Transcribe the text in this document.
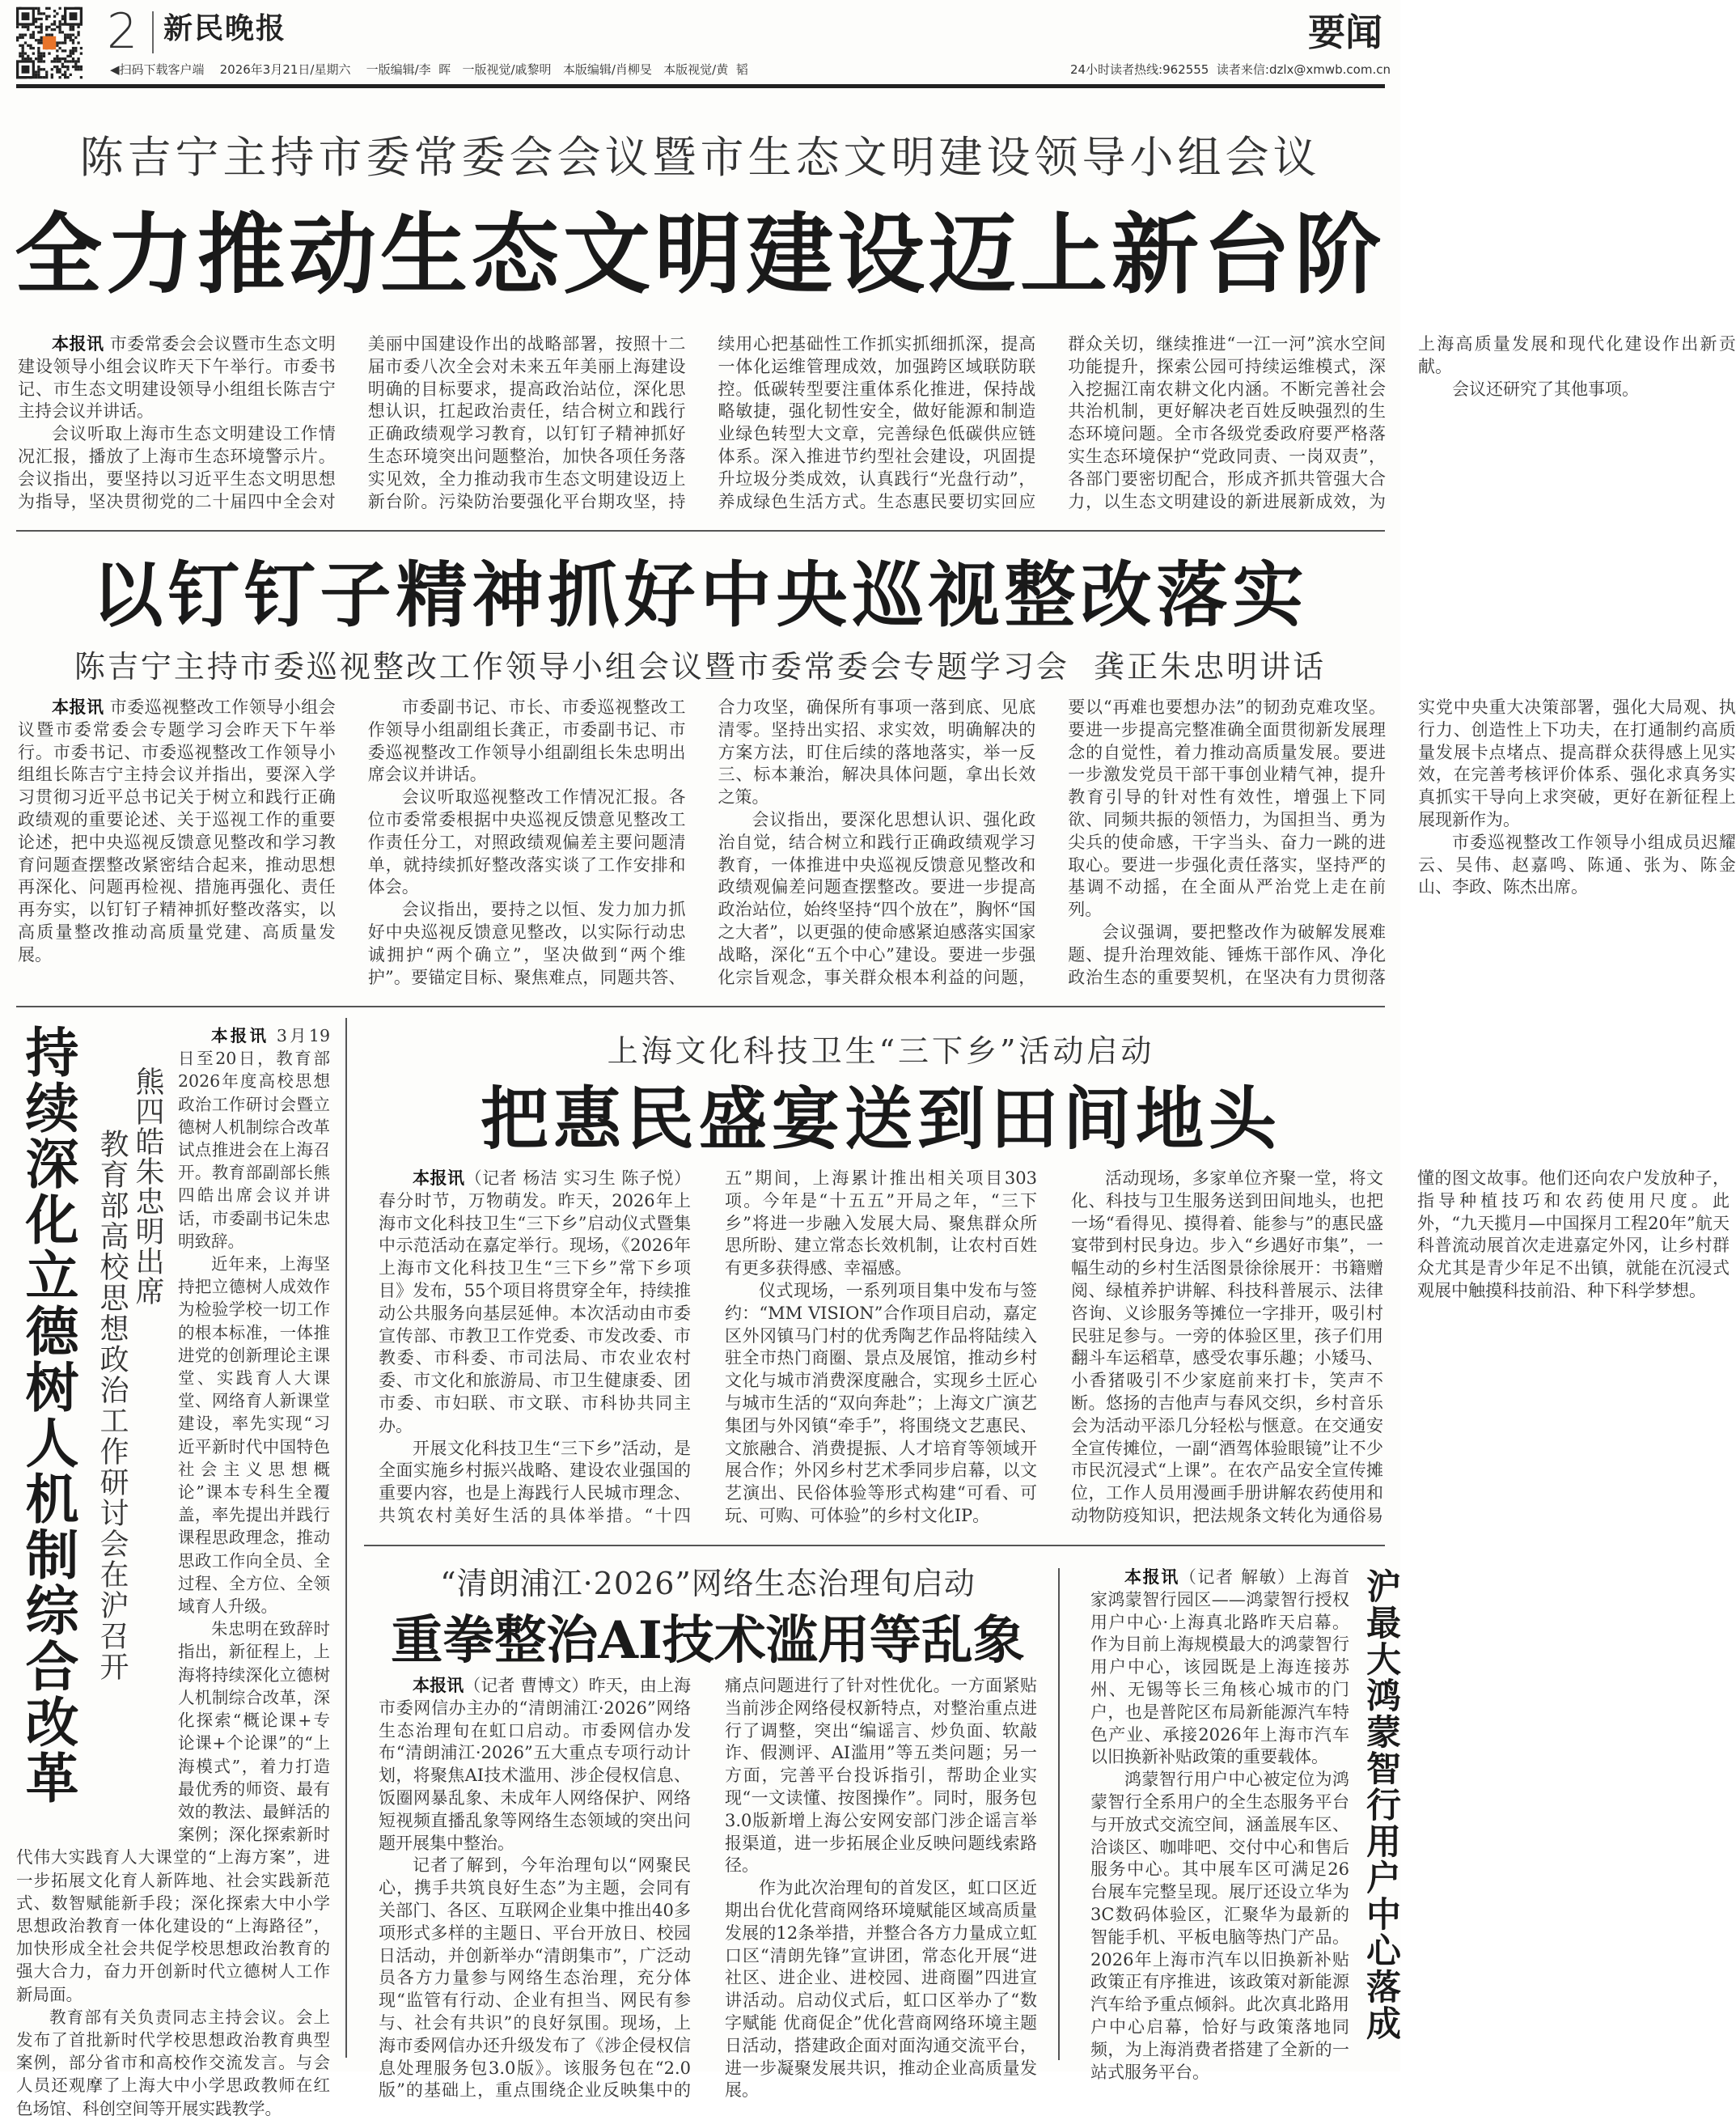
2 新民晚报	要闻
◀扫码下载客户端 2026年3月21日/星期六 一版编辑/李  晖   一版视觉/戚黎明   本版编辑/肖柳旻   本版视觉/黄  韬	24小时读者热线:962555 读者来信:dzlx@xmwb.com.cn
陈吉宁主持市委常委会会议暨市生态文明建设领导小组会议
全力推动生态文明建设迈上新台阶

本报讯 市委常委会会议暨市生态文明建设领导小组会议昨天下午举行。市委书记、市生态文明建设领导小组组长陈吉宁主持会议并讲话。

会议听取上海市生态文明建设工作情况汇报，播放了上海市生态环境警示片。会议指出，要坚持以习近平生态文明思想为指导，坚决贯彻党的二十届四中全会对美丽中国建设作出的战略部署，按照十二届市委八次全会对未来五年美丽上海建设明确的目标要求，提高政治站位，深化思想认识，扛起政治责任，结合树立和践行正确政绩观学习教育，以钉钉子精神抓好生态环境突出问题整治，加快各项任务落实见效，全力推动我市生态文明建设迈上新台阶。污染防治要强化平台期攻坚，持续用心把基础性工作抓实抓细抓深，提高一体化运维管理成效，加强跨区域联防联控。低碳转型要注重体系化推进，保持战略敏捷，强化韧性安全，做好能源和制造业绿色转型大文章，完善绿色低碳供应链体系。深入推进节约型社会建设，巩固提升垃圾分类成效，认真践行“光盘行动”，养成绿色生活方式。生态惠民要切实回应群众关切，继续推进“一江一河”滨水空间功能提升，探索公园可持续运维模式，深入挖掘江南农耕文化内涵。不断完善社会共治机制，更好解决老百姓反映强烈的生态环境问题。全市各级党委政府要严格落实生态环境保护“党政同责、一岗双责”，各部门要密切配合，形成齐抓共管强大合力，以生态文明建设的新进展新成效，为上海高质量发展和现代化建设作出新贡献。

会议还研究了其他事项。

以钉钉子精神抓好中央巡视整改落实
陈吉宁主持市委巡视整改工作领导小组会议暨市委常委会专题学习会  龚正朱忠明讲话

本报讯 市委巡视整改工作领导小组会议暨市委常委会专题学习会昨天下午举行。市委书记、市委巡视整改工作领导小组组长陈吉宁主持会议并指出，要深入学习贯彻习近平总书记关于树立和践行正确政绩观的重要论述、关于巡视工作的重要论述，把中央巡视反馈意见整改和学习教育问题查摆整改紧密结合起来，推动思想再深化、问题再检视、措施再强化、责任再夯实，以钉钉子精神抓好整改落实，以高质量整改推动高质量党建、高质量发展。

市委副书记、市长、市委巡视整改工作领导小组副组长龚正，市委副书记、市委巡视整改工作领导小组副组长朱忠明出席会议并讲话。

会议听取巡视整改工作情况汇报。各位市委常委根据中央巡视反馈意见整改工作责任分工，对照政绩观偏差主要问题清单，就持续抓好整改落实谈了工作安排和体会。

会议指出，要持之以恒、发力加力抓好中央巡视反馈意见整改，以实际行动忠诚拥护“两个确立”，坚决做到“两个维护”。要锚定目标、聚焦难点，同题共答、合力攻坚，确保所有事项一落到底、见底清零。坚持出实招、求实效，明确解决的方案方法，盯住后续的落地落实，举一反三、标本兼治，解决具体问题，拿出长效之策。

会议指出，要深化思想认识、强化政治自觉，结合树立和践行正确政绩观学习教育，一体推进中央巡视反馈意见整改和政绩观偏差问题查摆整改。要进一步提高政治站位，始终坚持“四个放在”，胸怀“国之大者”，以更强的使命感紧迫感落实国家战略，深化“五个中心”建设。要进一步强化宗旨观念，事关群众根本利益的问题，要以“再难也要想办法”的韧劲克难攻坚。要进一步提高完整准确全面贯彻新发展理念的自觉性，着力推动高质量发展。要进一步激发党员干部干事创业精气神，提升教育引导的针对性有效性，增强上下同欲、同频共振的领悟力，为国担当、勇为尖兵的使命感，干字当头、奋力一跳的进取心。要进一步强化责任落实，坚持严的基调不动摇，在全面从严治党上走在前列。

会议强调，要把整改作为破解发展难题、提升治理效能、锤炼干部作风、净化政治生态的重要契机，在坚决有力贯彻落实党中央重大决策部署，强化大局观、执行力、创造性上下功夫，在打通制约高质量发展卡点堵点、提高群众获得感上见实效，在完善考核评价体系、强化求真务实真抓实干导向上求突破，更好在新征程上展现新作为。

市委巡视整改工作领导小组成员迟耀云、吴伟、赵嘉鸣、陈通、张为、陈金山、李政、陈杰出席。

持续深化立德树人机制综合改革 教育部高校思想政治工作研讨会在沪召开 熊四皓朱忠明出席

本报讯 3月19日至20日，教育部2026年度高校思想政治工作研讨会暨立德树人机制综合改革试点推进会在上海召开。教育部副部长熊四皓出席会议并讲话，市委副书记朱忠明致辞。

近年来，上海坚持把立德树人成效作为检验学校一切工作的根本标准，一体推进党的创新理论主课堂、实践育人大课堂、网络育人新课堂建设，率先实现“习近平新时代中国特色社会主义思想概论”课本专科生全覆盖，率先提出并践行课程思政理念，推动思政工作向全员、全过程、全方位、全领域育人升级。

朱忠明在致辞时指出，新征程上，上海将持续深化立德树人机制综合改革，深化探索“概论课+专论课+个论课”的“上海模式”，着力打造最优秀的师资、最有效的教法、最鲜活的案例；深化探索新时代伟大实践育人大课堂的“上海方案”，进一步拓展文化育人新阵地、社会实践新范式、数智赋能新手段；深化探索大中小学思想政治教育一体化建设的“上海路径”，加快形成全社会共促学校思想政治教育的强大合力，奋力开创新时代立德树人工作新局面。

教育部有关负责同志主持会议。会上发布了首批新时代学校思想政治教育典型案例，部分省市和高校作交流发言。与会人员还观摩了上海大中小学思政教师在红色场馆、科创空间等开展实践教学。

上海文化科技卫生“三下乡”活动启动
把惠民盛宴送到田间地头

本报讯（记者 杨洁 实习生 陈子悦）春分时节，万物萌发。昨天，2026年上海市文化科技卫生“三下乡”启动仪式暨集中示范活动在嘉定举行。现场，《2026年上海市文化科技卫生“三下乡”常下乡项目》发布，55个项目将贯穿全年，持续推动公共服务向基层延伸。本次活动由市委宣传部、市教卫工作党委、市发改委、市教委、市科委、市司法局、市农业农村委、市文化和旅游局、市卫生健康委、团市委、市妇联、市文联、市科协共同主办。

开展文化科技卫生“三下乡”活动，是全面实施乡村振兴战略、建设农业强国的重要内容，也是上海践行人民城市理念、共筑农村美好生活的具体举措。“十四五”期间，上海累计推出相关项目303项。今年是“十五五”开局之年，“三下乡”将进一步融入发展大局、聚焦群众所思所盼、建立常态长效机制，让农村百姓有更多获得感、幸福感。

仪式现场，一系列项目集中发布与签约：“MM VISION”合作项目启动，嘉定区外冈镇马门村的优秀陶艺作品将陆续入驻全市热门商圈、景点及展馆，推动乡村文化与城市消费深度融合，实现乡土匠心与城市生活的“双向奔赴”；上海文广演艺集团与外冈镇“牵手”，将围绕文艺惠民、文旅融合、消费提振、人才培育等领域开展合作；外冈乡村艺术季同步启幕，以文艺演出、民俗体验等形式构建“可看、可玩、可购、可体验”的乡村文化IP。

活动现场，多家单位齐聚一堂，将文化、科技与卫生服务送到田间地头，也把一场“看得见、摸得着、能参与”的惠民盛宴带到村民身边。步入“乡遇好市集”，一幅生动的乡村生活图景徐徐展开：书籍赠阅、绿植养护讲解、科技科普展示、法律咨询、义诊服务等摊位一字排开，吸引村民驻足参与。一旁的体验区里，孩子们用翻斗车运稻草，感受农事乐趣；小矮马、小香猪吸引不少家庭前来打卡，笑声不断。悠扬的吉他声与春风交织，乡村音乐会为活动平添几分轻松与惬意。在交通安全宣传摊位，一副“酒驾体验眼镜”让不少市民沉浸式“上课”。在农产品安全宣传摊位，工作人员用漫画手册讲解农药使用和动物防疫知识，把法规条文转化为通俗易懂的图文故事。他们还向农户发放种子，指导种植技巧和农药使用尺度。此外，“九天揽月—中国探月工程20年”航天科普流动展首次走进嘉定外冈，让乡村群众尤其是青少年足不出镇，就能在沉浸式观展中触摸科技前沿、种下科学梦想。

“清朗浦江·2026”网络生态治理旬启动
重拳整治AI技术滥用等乱象

本报讯（记者 曹博文）昨天，由上海市委网信办主办的“清朗浦江·2026”网络生态治理旬在虹口启动。市委网信办发布“清朗浦江·2026”五大重点专项行动计划，将聚焦AI技术滥用、涉企侵权信息、饭圈网暴乱象、未成年人网络保护、网络短视频直播乱象等网络生态领域的突出问题开展集中整治。

记者了解到，今年治理旬以“网聚民心，携手共筑良好生态”为主题，会同有关部门、各区、互联网企业集中推出40多项形式多样的主题日、平台开放日、校园日活动，并创新举办“清朗集市”，广泛动员各方力量参与网络生态治理，充分体现“监管有行动、企业有担当、网民有参与、社会有共识”的良好氛围。现场，上海市委网信办还升级发布了《涉企侵权信息处理服务包3.0版》。该服务包在“2.0版”的基础上，重点围绕企业反映集中的痛点问题进行了针对性优化。一方面紧贴当前涉企网络侵权新特点，对整治重点进行了调整，突出“编谣言、炒负面、软敲诈、假测评、AI滥用”等五类问题；另一方面，完善平台投诉指引，帮助企业实现“一文读懂、按图操作”。同时，服务包3.0版新增上海公安网安部门涉企谣言举报渠道，进一步拓展企业反映问题线索路径。

作为此次治理旬的首发区，虹口区近期出台优化营商网络环境赋能区域高质量发展的12条举措，并整合各方力量成立虹口区“清朗先锋”宣讲团，常态化开展“进社区、进企业、进校园、进商圈”四进宣讲活动。启动仪式后，虹口区举办了“数字赋能 优商促企”优化营商网络环境主题日活动，搭建政企面对面沟通交流平台，进一步凝聚发展共识，推动企业高质量发展。

本报讯（记者 解敏）上海首家鸿蒙智行园区——鸿蒙智行授权用户中心·上海真北路昨天启幕。作为目前上海规模最大的鸿蒙智行用户中心，该园既是上海连接苏州、无锡等长三角核心城市的门户，也是普陀区布局新能源汽车特色产业、承接2026年上海市汽车以旧换新补贴政策的重要载体。

鸿蒙智行用户中心被定位为鸿蒙智行全系用户的全生态服务平台与开放式交流空间，涵盖展车区、洽谈区、咖啡吧、交付中心和售后服务中心。其中展车区可满足26台展车完整呈现。展厅还设立华为3C数码体验区，汇聚华为最新的智能手机、平板电脑等热门产品。2026年上海市汽车以旧换新补贴政策正有序推进，该政策对新能源汽车给予重点倾斜。此次真北路用户中心启幕，恰好与政策落地同频，为上海消费者搭建了全新的一站式服务平台。

沪最大鸿蒙智行用户中心落成
